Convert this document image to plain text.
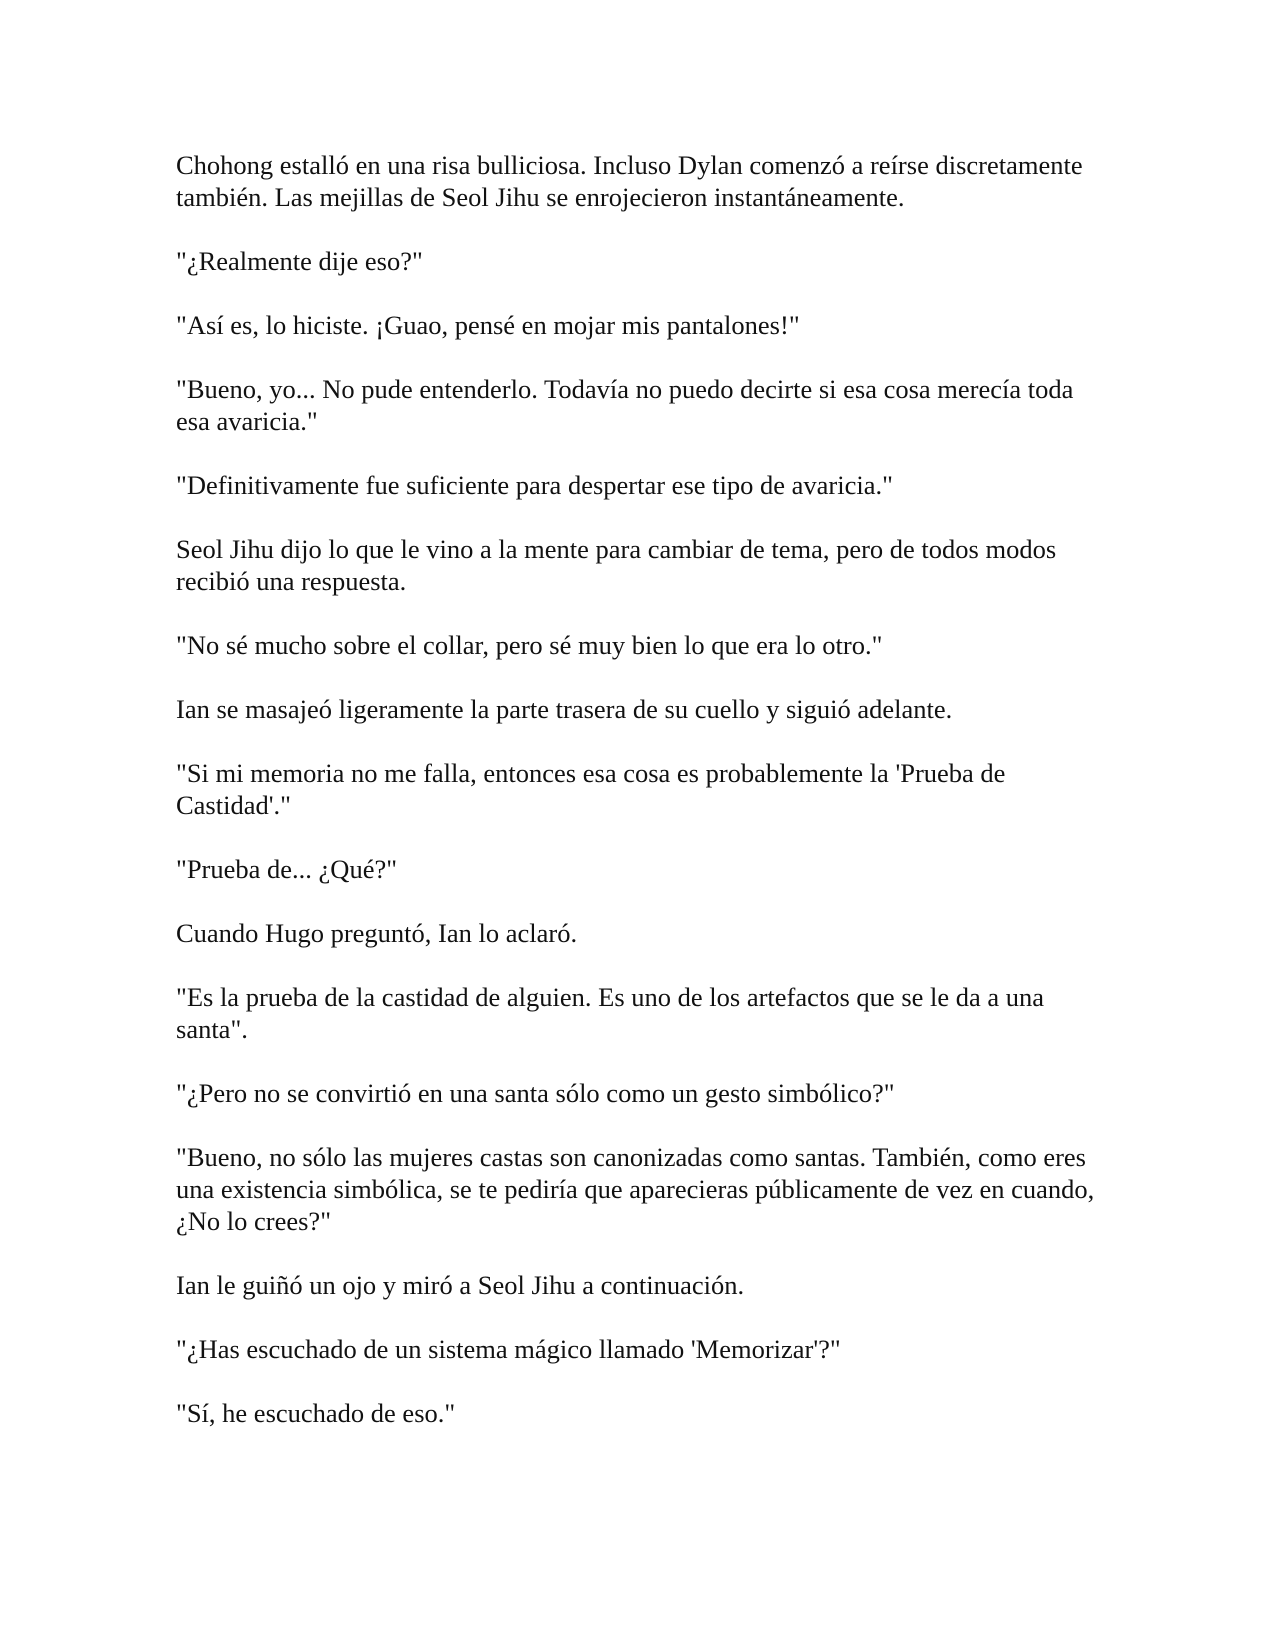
Chohong estalló en una risa bulliciosa. Incluso Dylan comenzó a reírse discretamente también. Las mejillas de Seol Jihu se enrojecieron instantáneamente.

"¿Realmente dije eso?"

"Así es, lo hiciste. ¡Guao, pensé en mojar mis pantalones!"

"Bueno, yo... No pude entenderlo. Todavía no puedo decirte si esa cosa merecía toda esa avaricia."

"Definitivamente fue suficiente para despertar ese tipo de avaricia."

Seol Jihu dijo lo que le vino a la mente para cambiar de tema, pero de todos modos recibió una respuesta.

"No sé mucho sobre el collar, pero sé muy bien lo que era lo otro."

Ian se masajeó ligeramente la parte trasera de su cuello y siguió adelante.

"Si mi memoria no me falla, entonces esa cosa es probablemente la 'Prueba de Castidad'."

"Prueba de... ¿Qué?"

Cuando Hugo preguntó, Ian lo aclaró.

"Es la prueba de la castidad de alguien. Es uno de los artefactos que se le da a una santa".

"¿Pero no se convirtió en una santa sólo como un gesto simbólico?"

"Bueno, no sólo las mujeres castas son canonizadas como santas. También, como eres una existencia simbólica, se te pediría que aparecieras públicamente de vez en cuando, ¿No lo crees?"

Ian le guiñó un ojo y miró a Seol Jihu a continuación.

"¿Has escuchado de un sistema mágico llamado 'Memorizar'?"

"Sí, he escuchado de eso."
